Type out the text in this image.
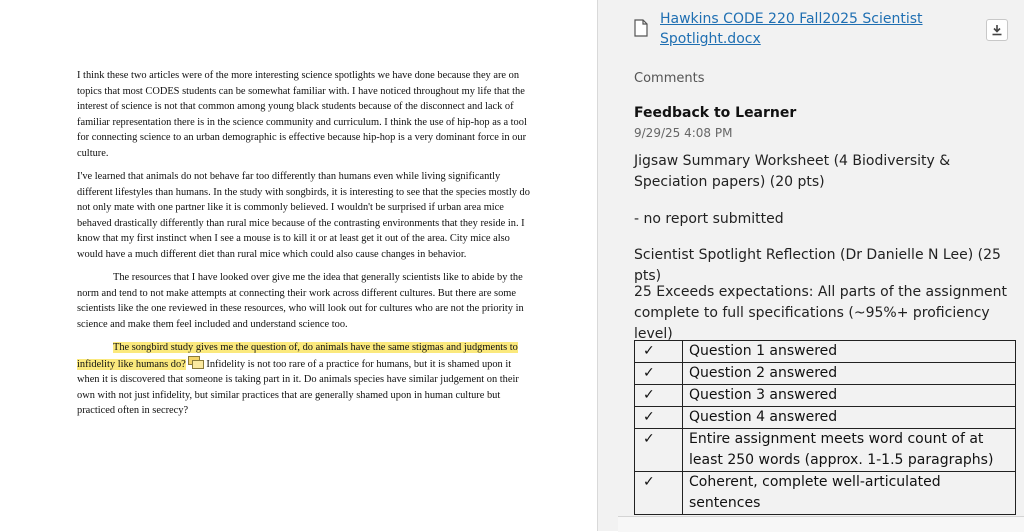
I think these two articles were of the more interesting science spotlights we have done because they are on topics that most CODES students can be somewhat familiar with. I have noticed throughout my life that the interest of science is not that common among young black students because of the disconnect and lack of familiar representation there is in the science community and curriculum. I think the use of hip-hop as a tool for connecting science to an urban demographic is effective because hip-hop is a very dominant force in our culture.

I've learned that animals do not behave far too differently than humans even while living significantly different lifestyles than humans. In the study with songbirds, it is interesting to see that the species mostly do not only mate with one partner like it is commonly believed. I wouldn't be surprised if urban area mice behaved drastically differently than rural mice because of the contrasting environments that they reside in. I know that my first instinct when I see a mouse is to kill it or at least get it out of the area. City mice also would have a much different diet than rural mice which could also cause changes in behavior.

The resources that I have looked over give me the idea that generally scientists like to abide by the norm and tend to not make attempts at connecting their work across different cultures. But there are some scientists like the one reviewed in these resources, who will look out for cultures who are not the priority in science and make them feel included and understand science too.

The songbird study gives me the question of, do animals have the same stigmas and judgments to infidelity like humans do? Infidelity is not too rare of a practice for humans, but it is shamed upon it when it is discovered that someone is taking part in it. Do animals species have similar judgement on their own with not just infidelity, but similar practices that are generally shamed upon in human culture but practiced often in secrecy?

Hawkins CODE 220 Fall2025 Scientist Spotlight.docx
Comments
Feedback to Learner
9/29/25 4:08 PM

Jigsaw Summary Worksheet (4 Biodiversity & Speciation papers) (20 pts)

- no report submitted

Scientist Spotlight Reflection (Dr Danielle N Lee) (25 pts)

25 Exceeds expectations: All parts of the assignment complete to full specifications (~95%+ proficiency level)

✓	Question 1 answered
✓	Question 2 answered
✓	Question 3 answered
✓	Question 4 answered
✓	Entire assignment meets word count of at least 250 words (approx. 1-1.5 paragraphs)
✓	Coherent, complete well-articulated sentences
